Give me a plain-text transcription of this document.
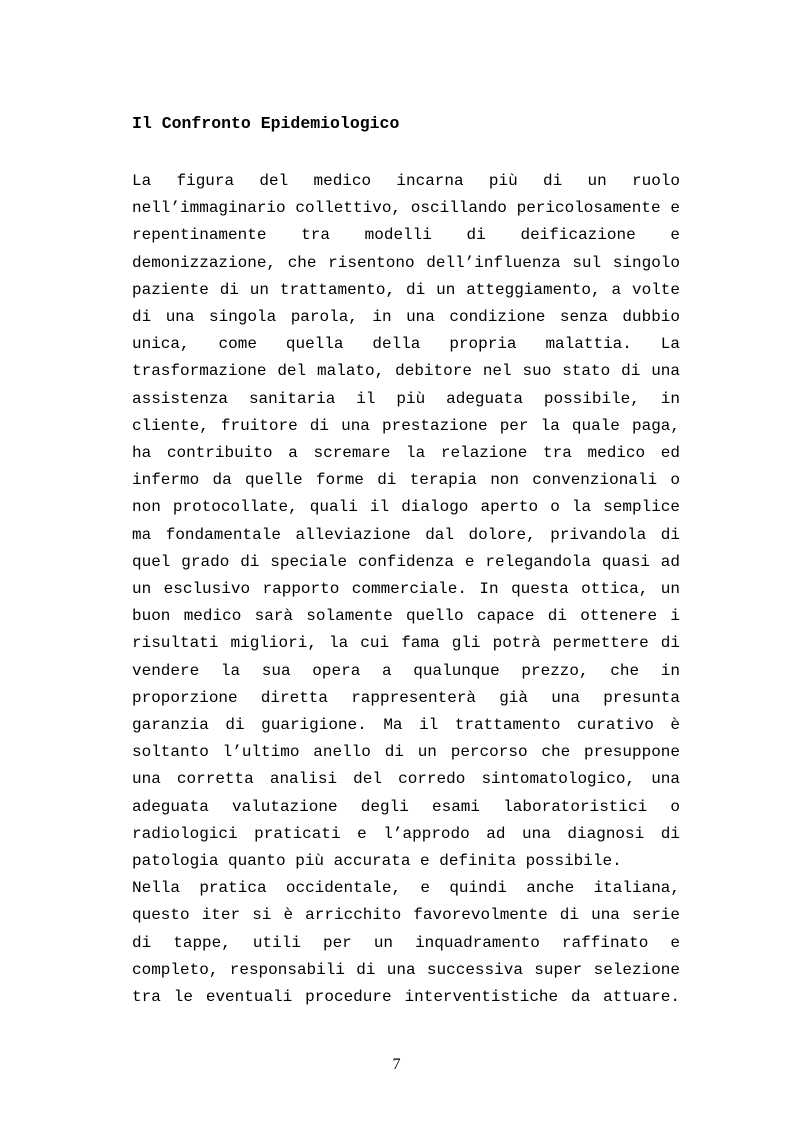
Il Confronto Epidemiologico

La figura del medico incarna più di un ruolo nell’immaginario collettivo, oscillando pericolosamente e repentinamente tra modelli di deificazione e demonizzazione, che risentono dell’influenza sul singolo paziente di un trattamento, di un atteggiamento, a volte di una singola parola, in una condizione senza dubbio unica, come quella della propria malattia. La trasformazione del malato, debitore nel suo stato di una assistenza sanitaria il più adeguata possibile, in cliente, fruitore di una prestazione per la quale paga, ha contribuito a scremare la relazione tra medico ed infermo da quelle forme di terapia non convenzionali o non protocollate, quali il dialogo aperto o la semplice ma fondamentale alleviazione dal dolore, privandola di quel grado di speciale confidenza e relegandola quasi ad un esclusivo rapporto commerciale. In questa ottica, un buon medico sarà solamente quello capace di ottenere i risultati migliori, la cui fama gli potrà permettere di vendere la sua opera a qualunque prezzo, che in proporzione diretta rappresenterà già una presunta garanzia di guarigione. Ma il trattamento curativo è soltanto l’ultimo anello di un percorso che presuppone una corretta analisi del corredo sintomatologico, una adeguata valutazione degli esami laboratoristici o radiologici praticati e l’approdo ad una diagnosi di patologia quanto più accurata e definita possibile.

Nella pratica occidentale, e quindi anche italiana, questo iter si è arricchito favorevolmente di una serie di tappe, utili per un inquadramento raffinato e completo, responsabili di una successiva super selezione tra le eventuali procedure interventistiche da attuare.

7
